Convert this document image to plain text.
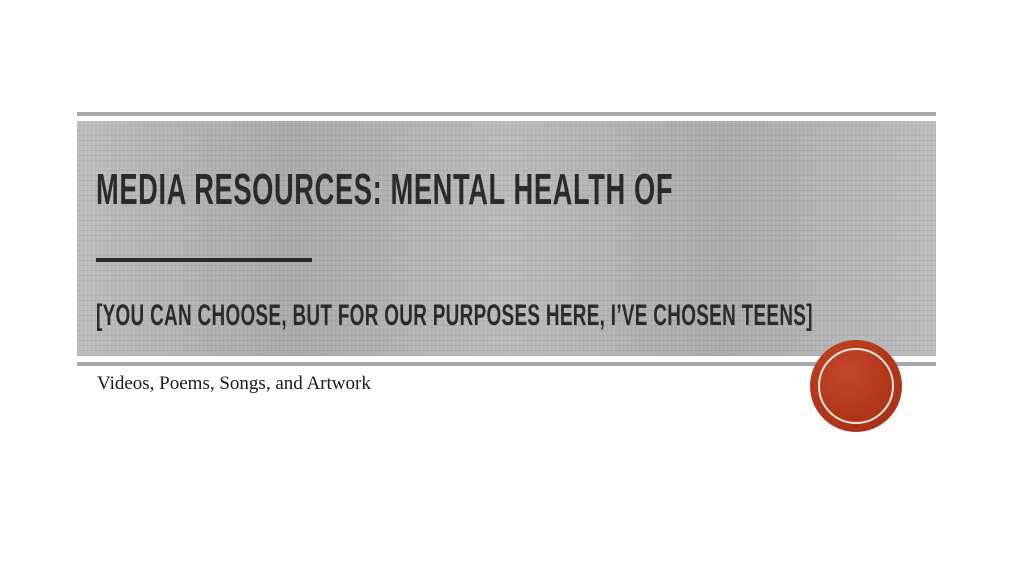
MEDIA RESOURCES: MENTAL HEALTH OF
[YOU CAN CHOOSE, BUT FOR OUR PURPOSES HERE, I’VE CHOSEN TEENS]
Videos, Poems, Songs, and Artwork
